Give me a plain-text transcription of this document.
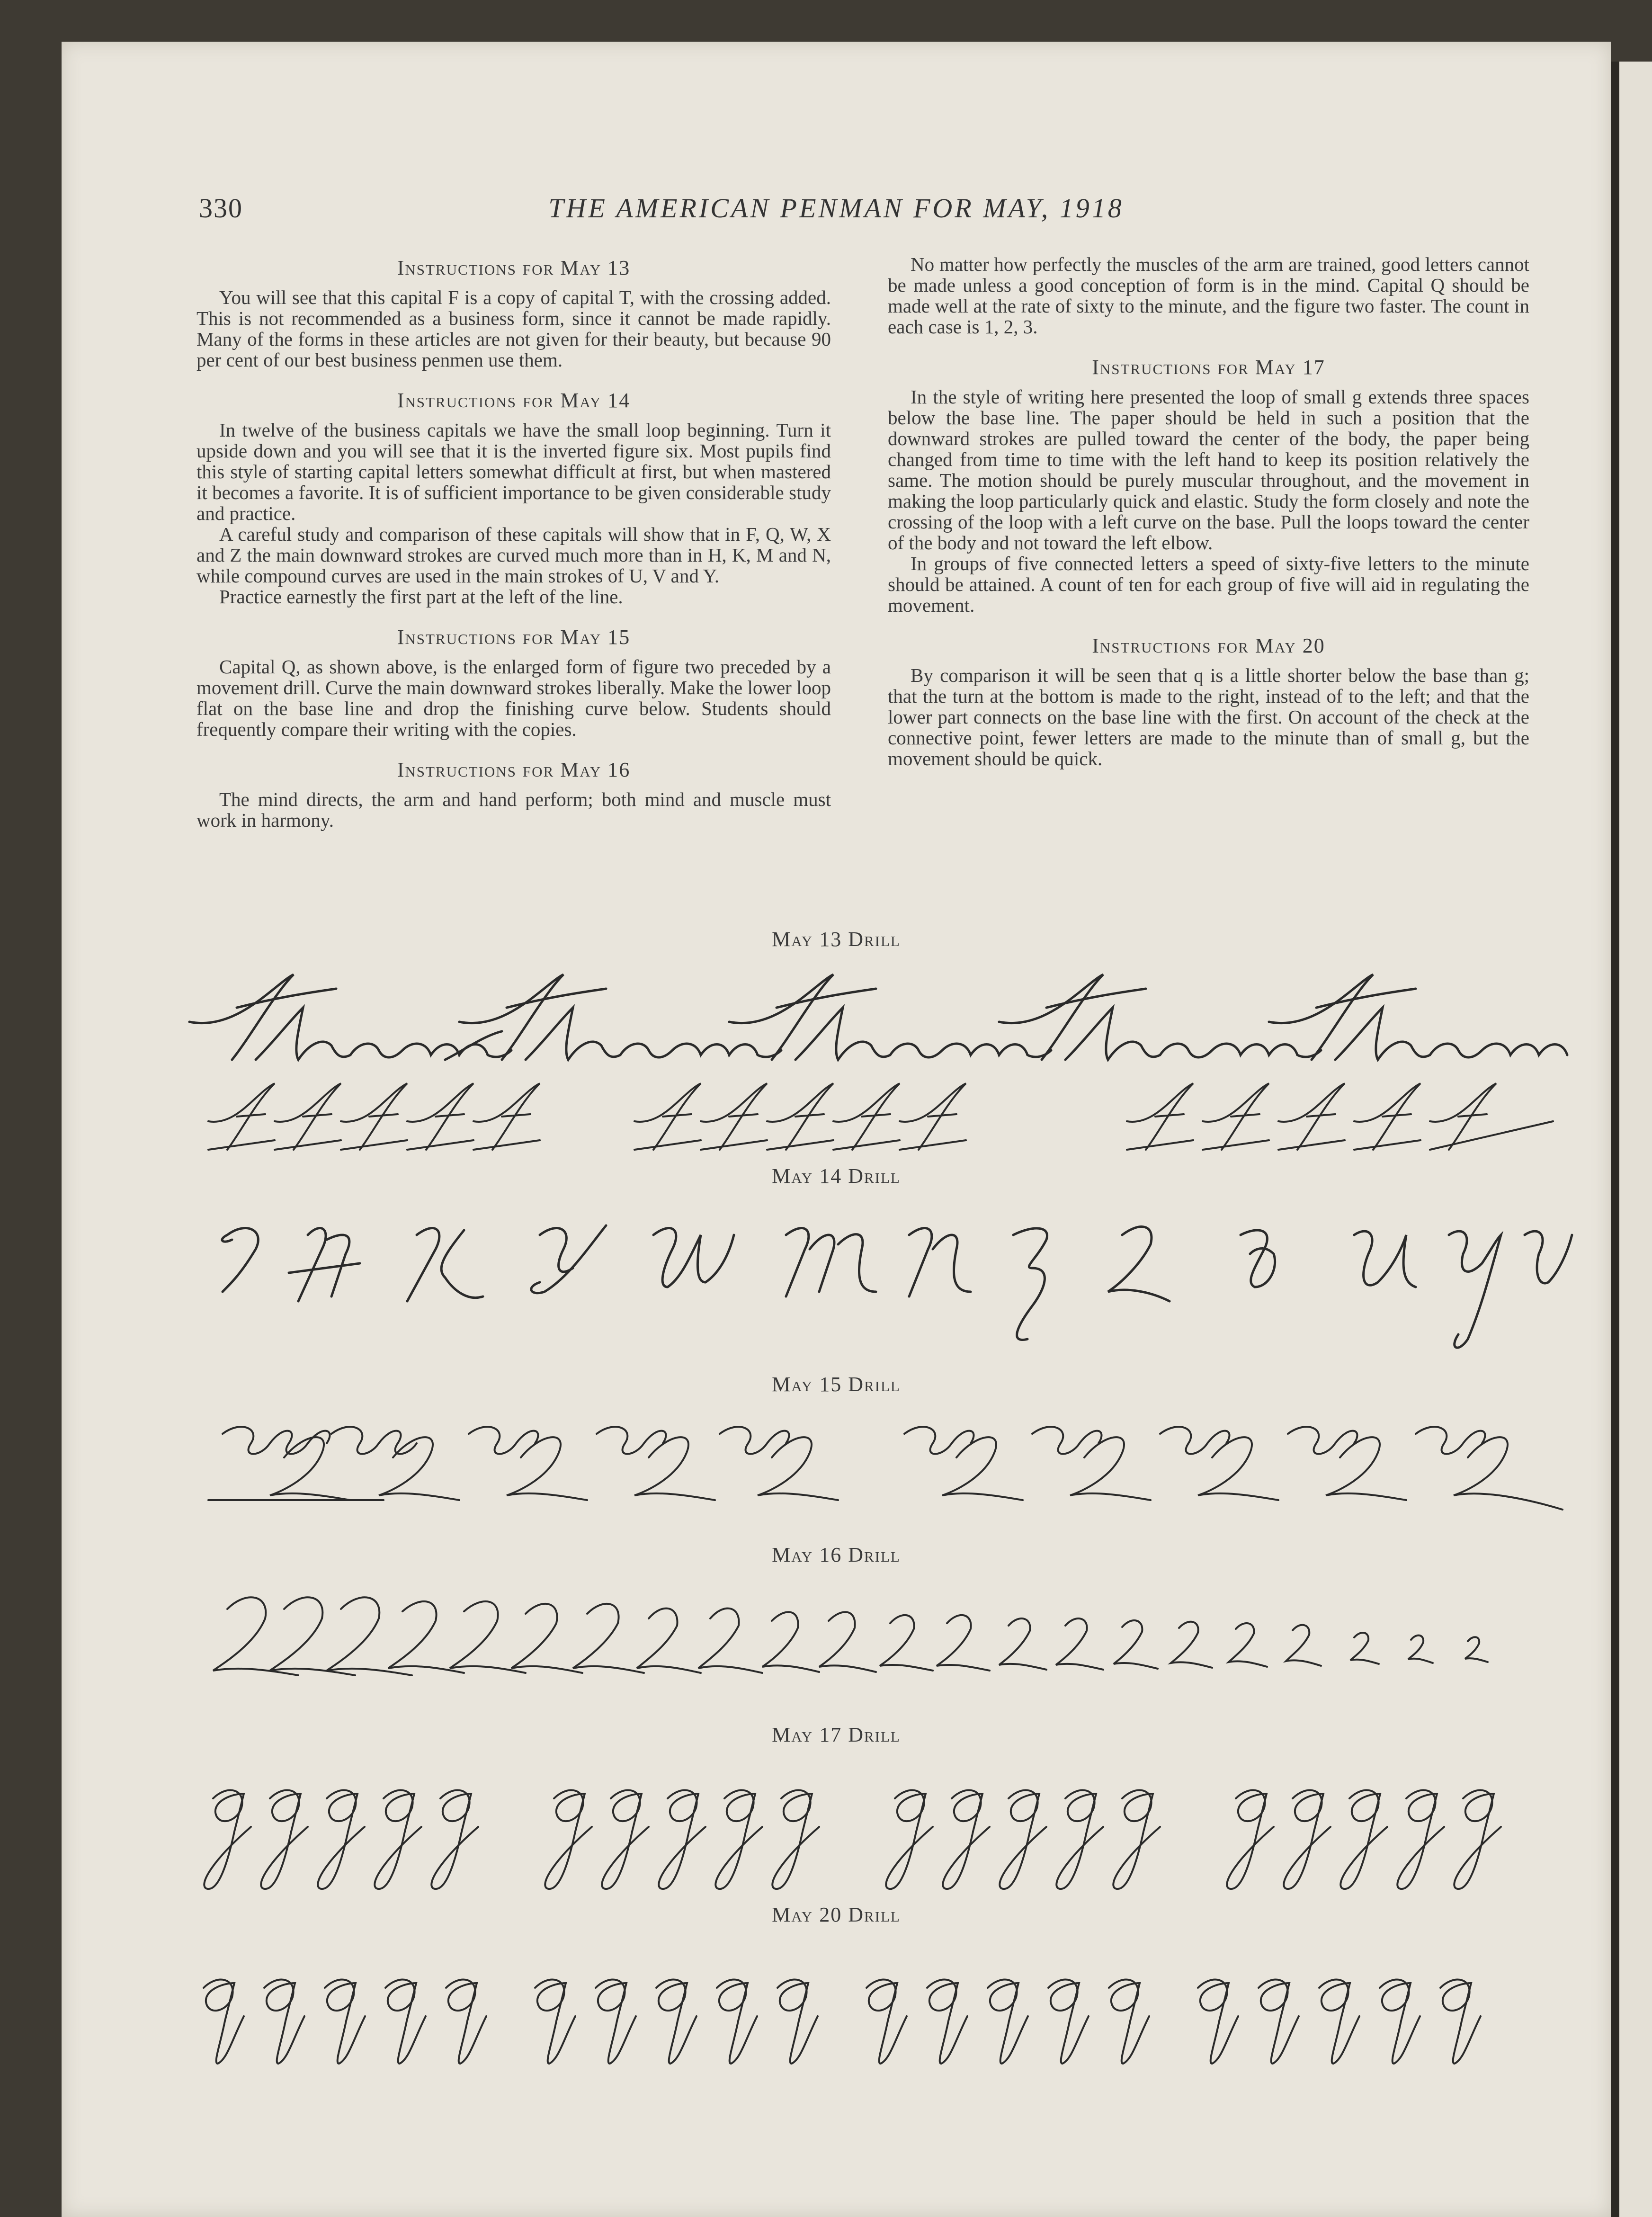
330	THE AMERICAN PENMAN FOR MAY, 1918
Instructions for May 13

You will see that this capital F is a copy of capital T, with the crossing added. This is not recommended as a business form, since it cannot be made rapidly. Many of the forms in these articles are not given for their beauty, but because 90 per cent of our best business penmen use them.

Instructions for May 14

In twelve of the business capitals we have the small loop beginning. Turn it upside down and you will see that it is the inverted figure six. Most pupils find this style of starting capital letters somewhat difficult at first, but when mastered it becomes a favorite. It is of sufficient importance to be given considerable study and practice.

A careful study and comparison of these capitals will show that in F, Q, W, X and Z the main downward strokes are curved much more than in H, K, M and N, while compound curves are used in the main strokes of U, V and Y.

Practice earnestly the first part at the left of the line.

Instructions for May 15

Capital Q, as shown above, is the enlarged form of figure two preceded by a movement drill. Curve the main downward strokes liberally. Make the lower loop flat on the base line and drop the finishing curve below. Students should frequently compare their writing with the copies.

Instructions for May 16

The mind directs, the arm and hand perform; both mind and muscle must work in harmony.

No matter how perfectly the muscles of the arm are trained, good letters cannot be made unless a good conception of form is in the mind. Capital Q should be made well at the rate of sixty to the minute, and the figure two faster. The count in each case is 1, 2, 3.

Instructions for May 17

In the style of writing here presented the loop of small g extends three spaces below the base line. The paper should be held in such a position that the downward strokes are pulled toward the center of the body, the paper being changed from time to time with the left hand to keep its position relatively the same. The motion should be purely muscular throughout, and the movement in making the loop particularly quick and elastic. Study the form closely and note the crossing of the loop with a left curve on the base. Pull the loops toward the center of the body and not toward the left elbow.

In groups of five connected letters a speed of sixty-five letters to the minute should be attained. A count of ten for each group of five will aid in regulating the movement.

Instructions for May 20

By comparison it will be seen that q is a little shorter below the base than g; that the turn at the bottom is made to the right, instead of to the left; and that the lower part connects on the base line with the first. On account of the check at the connective point, fewer letters are made to the minute than of small g, but the movement should be quick.

May 13 Drill
May 14 Drill
May 15 Drill
May 16 Drill
May 17 Drill
May 20 Drill
